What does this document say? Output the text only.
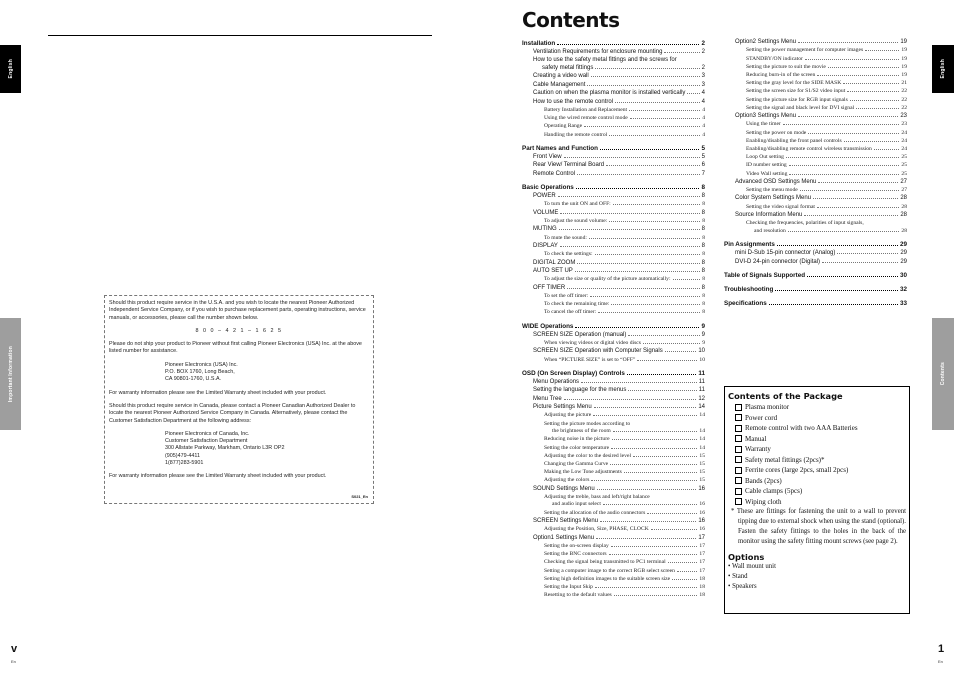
English
Important Information

Should this product require service in the U.S.A. and you wish to locate the nearest Pioneer Authorized Independent Service Company, or if you wish to purchase replacement parts, operating instructions, service manuals, or accessories, please call the number shown below.

8 0 0 – 4 2 1 – 1 6 2 5

Please do not ship your product to Pioneer without first calling Pioneer Electronics (USA) Inc. at the above listed number for assistance.

Pioneer Electronics (USA) Inc.
P.O. BOX 1760, Long Beach,
CA 90801-1760, U.S.A.

For warranty information please see the Limited Warranty sheet included with your product.

Should this product require service in Canada, please contact a Pioneer Canadian Authorized Dealer to locate the nearest Pioneer Authorized Service Company in Canada. Alternatively, please contact the Customer Satisfaction Department at the following address:

Pioneer Electronics of Canada, Inc.
Customer Satisfaction Department
300 Allstate Parkway, Markham, Ontario L3R OP2
(905)479-4411
1(877)283-5901

For warranty information please see the Limited Warranty sheet included with your product.

S021_En
v
En
Contents
Installation	2
Ventilation Requirements for enclosure mounting	2
How to use the safety metal fittings and the screws for
safety metal fittings	2
Creating a video wall	3
Cable Management	3
Caution on when the plasma monitor is installed vertically	4
How to use the remote control	4
Battery Installation and Replacement	4
Using the wired remote control mode	4
Operating Range	4
Handling the remote control	4
Part Names and Function	5
Front View	5
Rear View/ Terminal Board	6
Remote Control	7
Basic Operations	8
POWER	8
To turn the unit ON and OFF:	8
VOLUME	8
To adjust the sound volume:	8
MUTING	8
To mute the sound:	8
DISPLAY	8
To check the settings:	8
DIGITAL ZOOM	8
AUTO SET UP	8
To adjust the size or quality of the picture automatically:	8
OFF TIMER	8
To set the off timer:	8
To check the remaining time:	8
To cancel the off timer:	8
WIDE Operations	9
SCREEN SIZE Operation (manual)	9
When viewing videos or digital video discs	9
SCREEN SIZE Operation with Computer Signals	10
When “PICTURE SIZE” is set to “OFF”	10
OSD (On Screen Display) Controls	11
Menu Operations	11
Setting the language for the menus	11
Menu Tree	12
Picture Settings Menu	14
Adjusting the picture	14
Setting the picture modes according to
the brightness of the room	14
Reducing noise in the picture	14
Setting the color temperature	14
Adjusting the color to the desired level	15
Changing the Gamma Curve	15
Making the Low Tone adjustments	15
Adjusting the colors	15
SOUND Settings Menu	16
Adjusting the treble, bass and left/right balance
and audio input select	16
Setting the allocation of the audio connectors	16
SCREEN Settings Menu	16
Adjusting the Position, Size, PHASE, CLOCK	16
Option1 Settings Menu	17
Setting the on-screen display	17
Setting the BNC connectors	17
Checking the signal being transmitted to PC1 terminal	17
Setting a computer image to the correct RGB select screen	17
Setting high definition images to the suitable screen size	18
Setting the Input Skip	18
Resetting to the default values	18
Option2 Settings Menu	19
Setting the power management for computer images	19
STANDBY/ON indicator	19
Setting the picture to suit the movie	19
Reducing burn-in of the screen	19
Setting the gray level for the SIDE MASK	21
Setting the screen size for S1/S2 video input	22
Setting the picture size for RGB input signals	22
Setting the signal and black level for DVI signal	22
Option3 Settings Menu	23
Using the timer	23
Setting the power on mode	24
Enabling/disabling the front panel controls	24
Enabling/disabling remote control wireless transmission	24
Loop Out setting	25
ID number setting	25
Video Wall setting	25
Advanced OSD Settings Menu	27
Setting the menu mode	27
Color System Settings Menu	28
Setting the video signal format	28
Source Information Menu	28
Checking the frequencies, polarities of input signals,
and resolution	28
Pin Assignments	29
mini D-Sub 15-pin connector (Analog)	29
DVI-D 24-pin connector (Digital)	29
Table of Signals Supported	30
Troubleshooting	32
Specifications	33
Contents of the Package
Plasma monitor
Power cord
Remote control with two AAA Batteries
Manual
Warranty
Safety metal fittings (2pcs)*
Ferrite cores (large 2pcs, small 2pcs)
Bands (2pcs)
Cable clamps (5pcs)
Wiping cloth
* These are fittings for fastening the unit to a wall to prevent tipping due to external shock when using the stand (optional). Fasten the safety fittings to the holes in the back of the monitor using the safety fitting mount screws (see page 2).
Options
• Wall mount unit
• Stand
• Speakers
English
Contents
1
En
